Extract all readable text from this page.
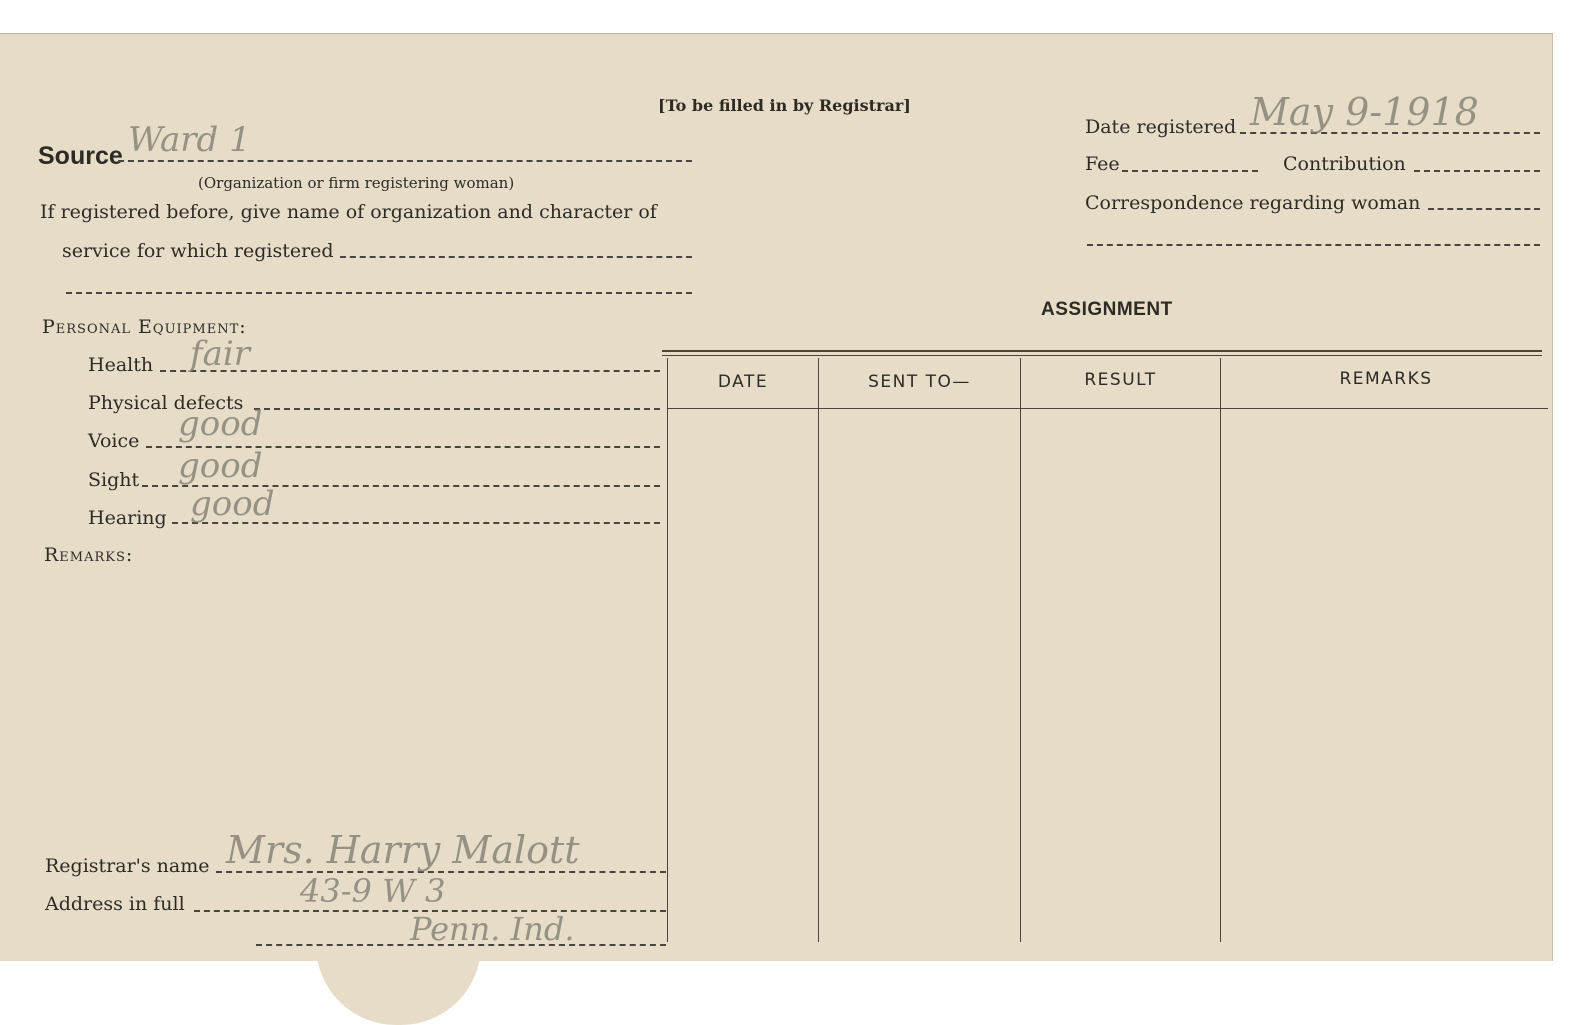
[To be filled in by Registrar]
Source Ward 1
(Organization or firm registering woman)
If registered before, give name of organization and character of
service for which registered
Personal Equipment:
Health fair
Physical defects
Voice good
Sight good
Hearing good
Remarks:
Registrar's name Mrs. Harry Malott
Address in full	43-9 W 3
Penn. Ind.
Date registered May 9-1918
Fee	Contribution
Correspondence regarding woman
ASSIGNMENT
DATE	SENT TO—	RESULT	REMARKS
